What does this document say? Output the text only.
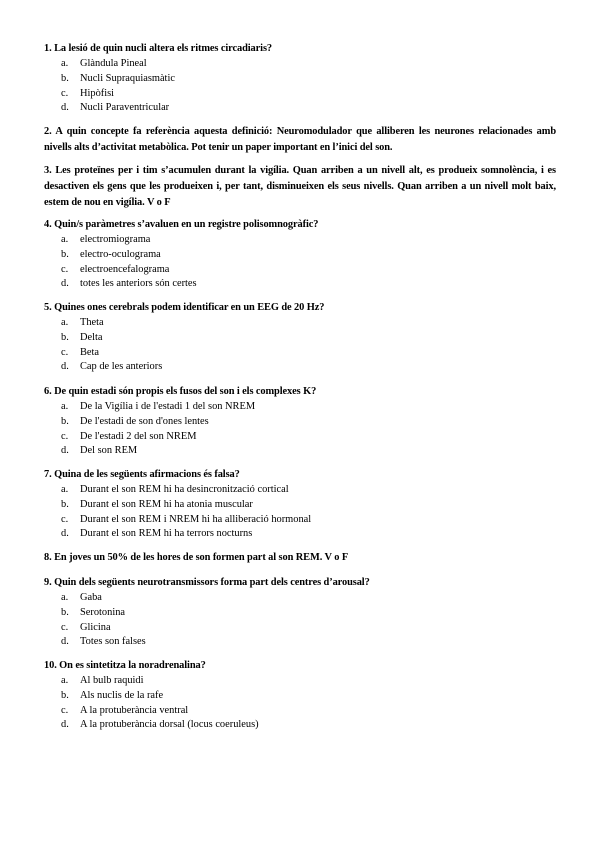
1. La lesió de quin nucli altera els ritmes circadiaris?

a. Glàndula Pineal
b. Nucli Supraquiasmàtic
c. Hipòfisi
d. Nucli Paraventricular

2. A quin concepte fa referència aquesta definició: Neuromodulador que alliberen les neurones relacionades amb nivells alts d’activitat metabòlica. Pot tenir un paper important en l’inici del son.

3. Les proteïnes per i tim s’acumulen durant la vigília. Quan arriben a un nivell alt, es produeix somnolència, i es desactiven els gens que les produeixen i, per tant, disminueixen els seus nivells. Quan arriben a un nivell molt baix, estem de nou en vigília. V o F

4. Quin/s paràmetres s’avaluen en un registre polisomnogràfic?

a. electromiograma
b. electro-oculograma
c. electroencefalograma
d. totes les anteriors són certes

5. Quines ones cerebrals podem identificar en un EEG de 20 Hz?

a. Theta
b. Delta
c. Beta
d. Cap de les anteriors

6. De quin estadi són propis els fusos del son i els complexes K?

a. De la Vigília i de l'estadi 1 del son NREM
b. De l'estadi de son d'ones lentes
c. De l'estadi 2 del son NREM
d. Del son REM

7. Quina de les següents afirmacions és falsa?

a. Durant el son REM hi ha desincronització cortical
b. Durant el son REM hi ha atonia muscular
c. Durant el son REM i NREM hi ha alliberació hormonal
d. Durant el son REM hi ha terrors nocturns

8. En joves un 50% de les hores de son formen part al son REM. V o F

9. Quin dels següents neurotransmissors forma part dels centres d’arousal?

a. Gaba
b. Serotonina
c. Glicina
d. Totes son falses

10. On es sintetitza la noradrenalina?

a. Al bulb raquidi
b. Als nuclis de la rafe
c. A la protuberància ventral
d. A la protuberància dorsal (locus coeruleus)
